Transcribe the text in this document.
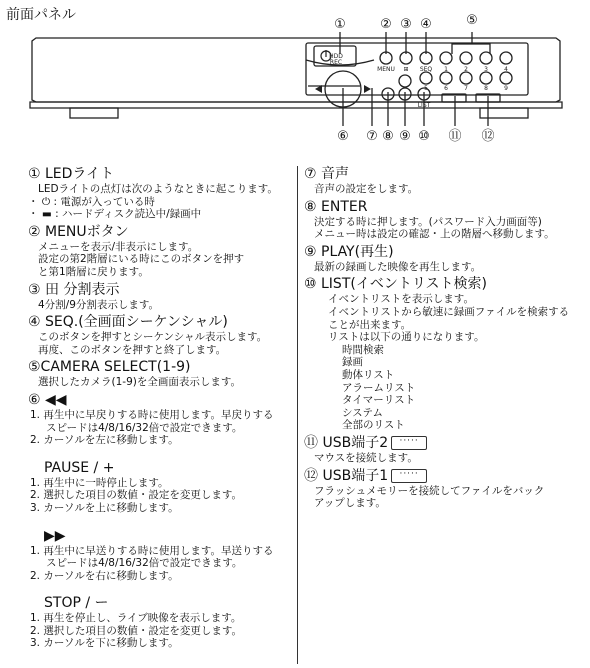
前面パネル
①	② ③ ④	⑤
HDD
REC
MENU ⊞ SEQ
LIST
1	2	3	4
5	6	7	8	9
⑥ ⑦ ⑧ ⑨ ⑩ ⑪ ⑫
① LEDライト
LEDライトの点灯は次のようなときに起こります。
・ ⏻ : 電源が入っている時
・ ▬ : ハードディスク読込中/録画中
② MENUボタン
メニューを表示/非表示にします。
設定の第2階層にいる時にこのボタンを押す
と第1階層に戻ります。
③ 田 分割表示
4分割/9分割表示します。
④ SEQ.(全画面シーケンシャル)
このボタンを押すとシーケンシャル表示します。
再度、このボタンを押すと終了します。
⑤CAMERA SELECT(1-9)
選択したカメラ(1-9)を全画面表示します。
⑥ ◀◀
1. 再生中に早戻りする時に使用します。早戻りする
スピードは4/8/16/32倍で設定できます。
2. カーソルを左に移動します。
PAUSE / +
1. 再生中に一時停止します。
2. 選択した項目の数値・設定を変更します。
3. カーソルを上に移動します。
▶▶
1. 再生中に早送りする時に使用します。早送りする
スピードは4/8/16/32倍で設定できます。
2. カーソルを右に移動します。
STOP / ー
1. 再生を停止し、ライブ映像を表示します。
2. 選択した項目の数値・設定を変更します。
3. カーソルを下に移動します。
⑦ 音声
音声の設定をします。
⑧ ENTER
決定する時に押します。(パスワード入力画面等)
メニュー時は設定の確認・上の階層へ移動します。
⑨ PLAY(再生)
最新の録画した映像を再生します。
⑩ LIST(イベントリスト検索)
イベントリストを表示します。
イベントリストから敏速に録画ファイルを検索する
ことが出来ます。
リストは以下の通りになります。
時間検索
録画
動体リスト
アラームリスト
タイマーリスト
システム
全部のリスト
⑪ USB端子2 ·····
マウスを接続します。
⑫ USB端子1 ·····
フラッシュメモリーを接続してファイルをバック
アップします。
